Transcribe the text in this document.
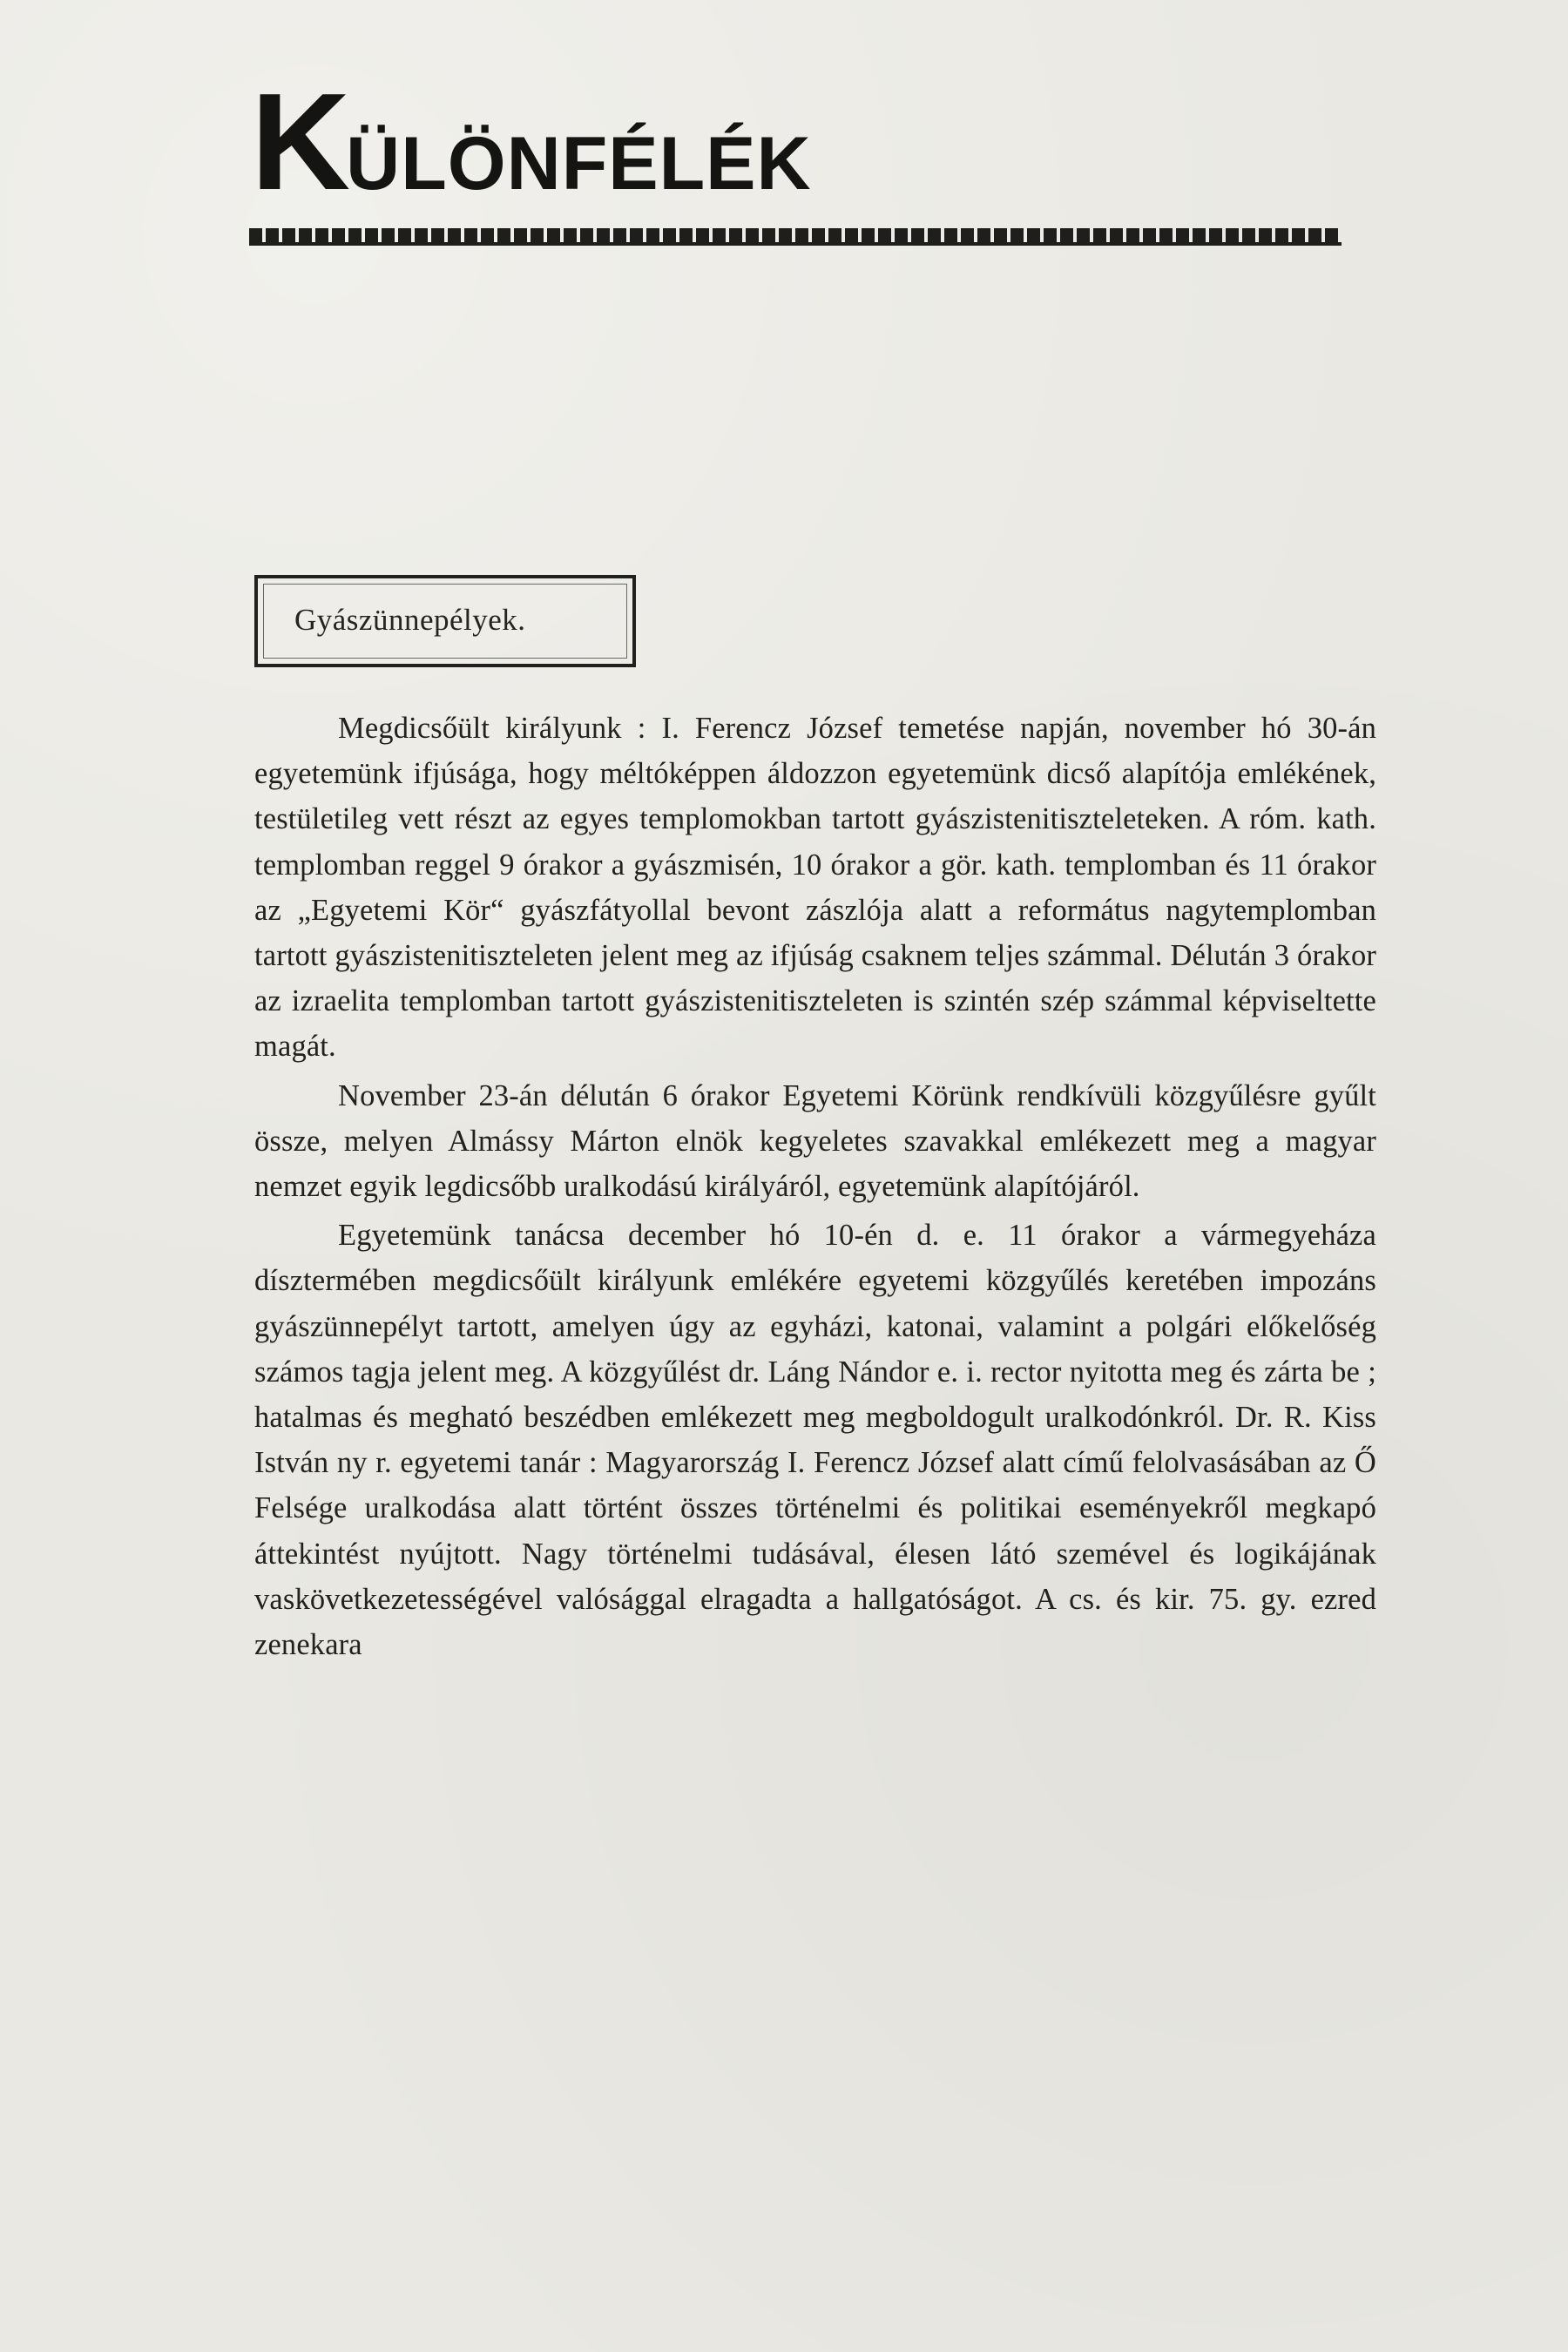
KÜLÖNFÉLÉK
Gyászünnepélyek.

Megdicsőült királyunk : I. Ferencz József temetése napján, november hó 30-án egyetemünk ifjúsága, hogy méltóképpen áldozzon egyetemünk dicső alapítója emlékének, testületileg vett részt az egyes templomokban tartott gyászistenitiszteleteken. A róm. kath. templomban reggel 9 órakor a gyászmisén, 10 órakor a gör. kath. templomban és 11 órakor az „Egyetemi Kör“ gyászfátyollal bevont zászlója alatt a református nagytemplomban tartott gyászistenitiszteleten jelent meg az ifjúság csaknem teljes számmal. Délután 3 órakor az izraelita templomban tartott gyászistenitiszteleten is szintén szép számmal képviseltette magát.

November 23-án délután 6 órakor Egyetemi Körünk rendkívüli közgyűlésre gyűlt össze, melyen Almássy Márton elnök kegyeletes szavakkal emlékezett meg a magyar nemzet egyik legdicsőbb uralkodású királyáról, egyetemünk alapítójáról.

Egyetemünk tanácsa december hó 10-én d. e. 11 órakor a vármegyeháza dísztermében megdicsőült királyunk emlékére egyetemi közgyűlés keretében impozáns gyászünnepélyt tartott, amelyen úgy az egyházi, katonai, valamint a polgári előkelőség számos tagja jelent meg. A közgyűlést dr. Láng Nándor e. i. rector nyitotta meg és zárta be ; hatalmas és megható beszédben emlékezett meg megboldogult uralkodónkról. Dr. R. Kiss István ny r. egyetemi tanár : Magyarország I. Ferencz József alatt című felolvasásában az Ő Felsége uralkodása alatt történt összes történelmi és politikai eseményekről megkapó áttekintést nyújtott. Nagy történelmi tudásával, élesen látó szemével és logikájának vaskövetkezetességével valósággal elragadta a hallgatóságot. A cs. és kir. 75. gy. ezred zenekara
